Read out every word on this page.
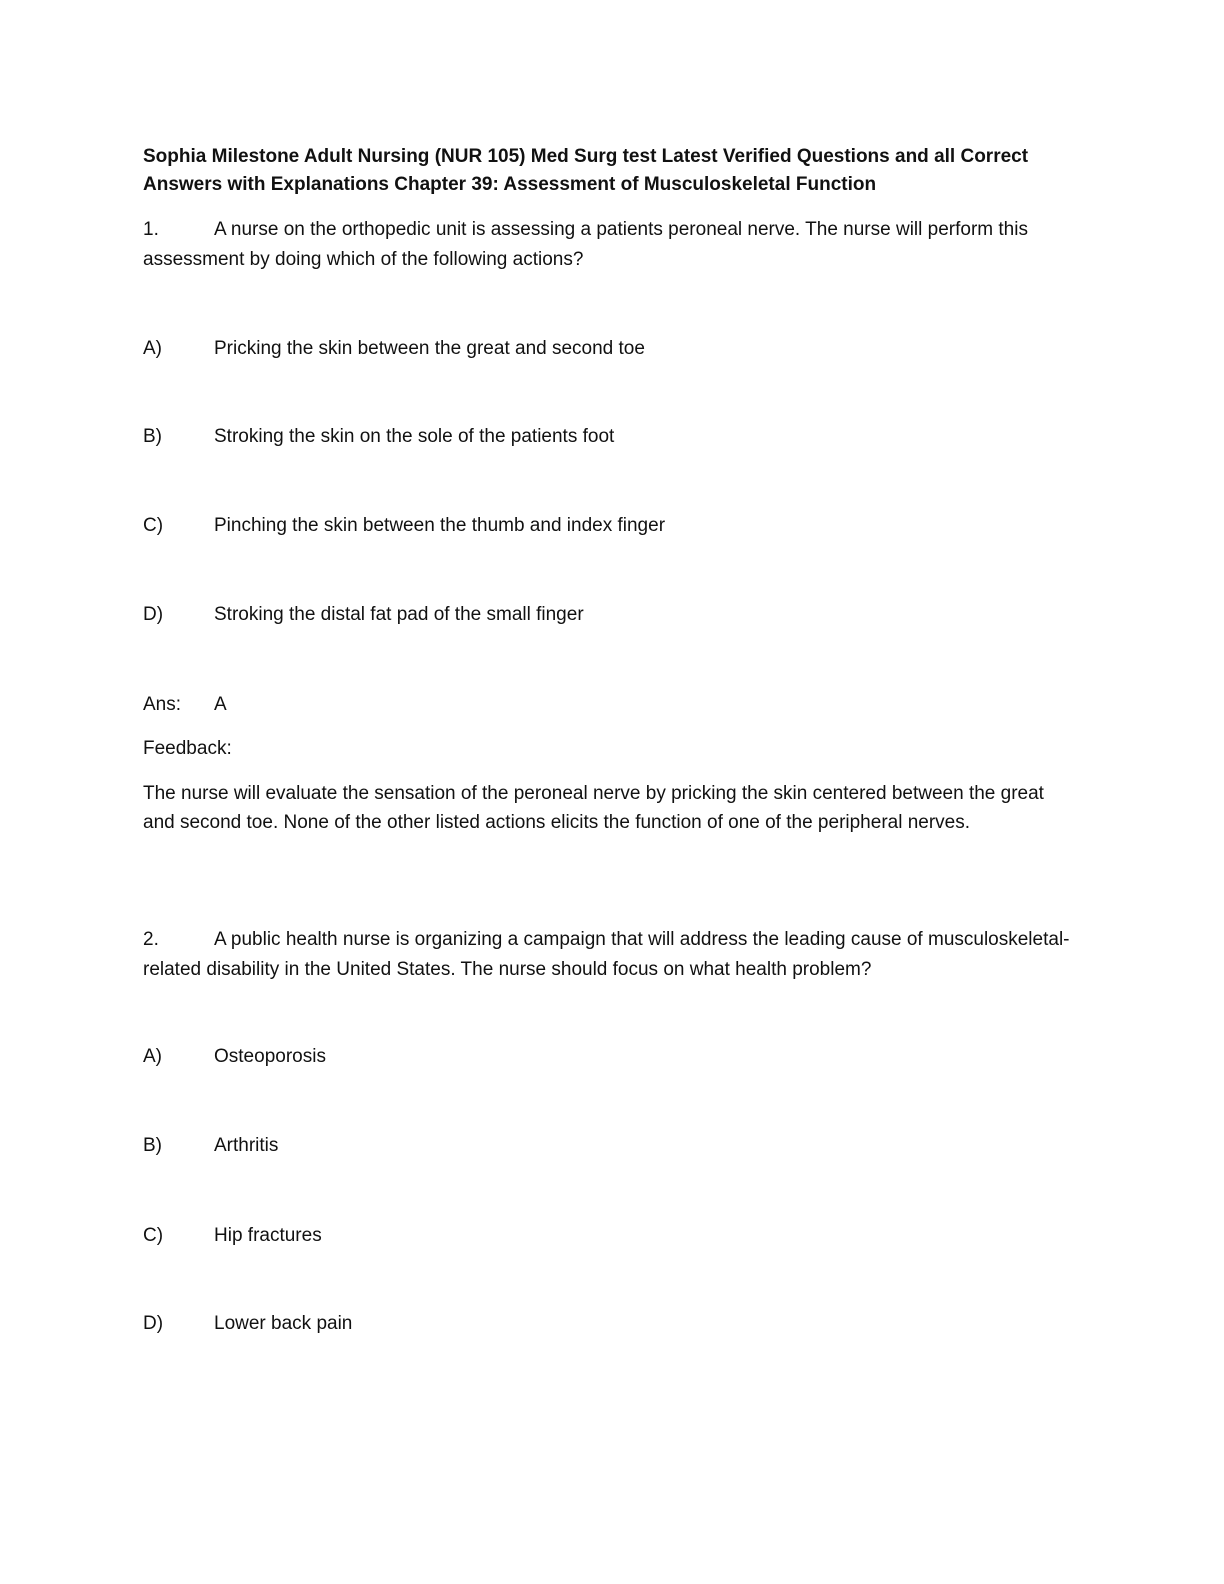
Sophia Milestone Adult Nursing (NUR 105) Med Surg test Latest Verified Questions and all Correct Answers with Explanations Chapter 39: Assessment of Musculoskeletal Function

1.	A nurse on the orthopedic unit is assessing a patients peroneal nerve. The nurse will perform this assessment by doing which of the following actions?

A)	Pricking the skin between the great and second toe
B)	Stroking the skin on the sole of the patients foot
C)	Pinching the skin between the thumb and index finger
D)	Stroking the distal fat pad of the small finger
Ans: A
Feedback:

The nurse will evaluate the sensation of the peroneal nerve by pricking the skin centered between the great and second toe. None of the other listed actions elicits the function of one of the peripheral nerves.

2.	A public health nurse is organizing a campaign that will address the leading cause of musculoskeletal- related disability in the United States. The nurse should focus on what health problem?

A)	Osteoporosis
B)	Arthritis
C)	Hip fractures
D)	Lower back pain
